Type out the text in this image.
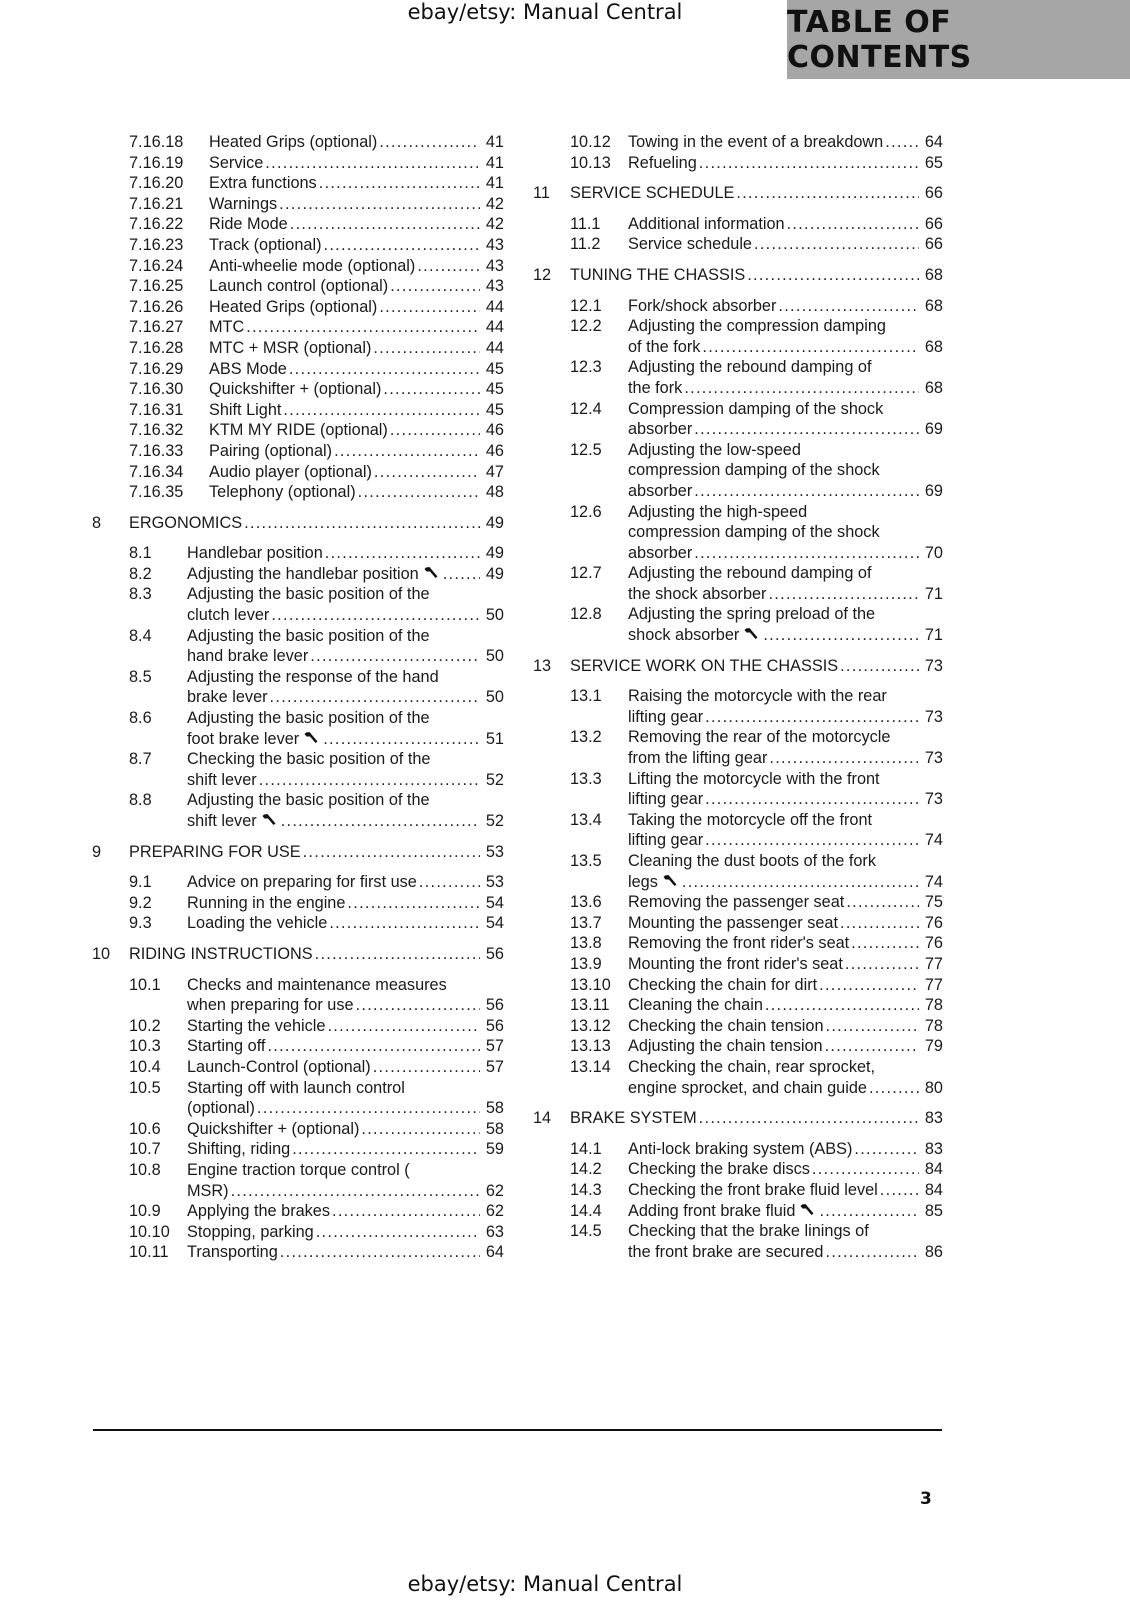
ebay/etsy: Manual Central	TABLE OF CONTENTS
7.16.18	Heated Grips (optional) .....	41
7.16.19	Service .....	41
7.16.20	Extra functions .....	41
7.16.21	Warnings .....	42
7.16.22	Ride Mode .....	42
7.16.23	Track (optional) .....	43
7.16.24	Anti-wheelie mode (optional) .....	43
7.16.25	Launch control (optional) .....	43
7.16.26	Heated Grips (optional) .....	44
7.16.27	MTC .....	44
7.16.28	MTC + MSR (optional) .....	44
7.16.29	ABS Mode .....	45
7.16.30	Quickshifter + (optional) .....	45
7.16.31	Shift Light .....	45
7.16.32	KTM MY RIDE (optional) .....	46
7.16.33	Pairing (optional) .....	46
7.16.34	Audio player (optional) .....	47
7.16.35	Telephony (optional) .....	48
8	ERGONOMICS .....	49
8.1	Handlebar position .....	49
8.2	Adjusting the handlebar position .....	49
8.3	Adjusting the basic position of the
clutch lever .....	50
8.4	Adjusting the basic position of the
hand brake lever .....	50
8.5	Adjusting the response of the hand
brake lever .....	50
8.6	Adjusting the basic position of the
foot brake lever .....	51
8.7	Checking the basic position of the
shift lever .....	52
8.8	Adjusting the basic position of the
shift lever .....	52
9	PREPARING FOR USE .....	53
9.1	Advice on preparing for first use .....	53
9.2	Running in the engine .....	54
9.3	Loading the vehicle .....	54
10	RIDING INSTRUCTIONS .....	56
10.1	Checks and maintenance measures
when preparing for use .....	56
10.2	Starting the vehicle .....	56
10.3	Starting off .....	57
10.4	Launch-Control (optional) .....	57
10.5	Starting off with launch control
(optional) .....	58
10.6	Quickshifter + (optional) .....	58
10.7	Shifting, riding .....	59
10.8	Engine traction torque control (
MSR) .....	62
10.9	Applying the brakes .....	62
10.10	Stopping, parking .....	63
10.11	Transporting .....	64
10.12	Towing in the event of a breakdown .....	64
10.13	Refueling .....	65
11	SERVICE SCHEDULE .....	66
11.1	Additional information .....	66
11.2	Service schedule .....	66
12	TUNING THE CHASSIS .....	68
12.1	Fork/shock absorber .....	68
12.2	Adjusting the compression damping
of the fork .....	68
12.3	Adjusting the rebound damping of
the fork .....	68
12.4	Compression damping of the shock
absorber .....	69
12.5	Adjusting the low-speed
compression damping of the shock
absorber .....	69
12.6	Adjusting the high-speed
compression damping of the shock
absorber .....	70
12.7	Adjusting the rebound damping of
the shock absorber .....	71
12.8	Adjusting the spring preload of the
shock absorber .....	71
13	SERVICE WORK ON THE CHASSIS .....	73
13.1	Raising the motorcycle with the rear
lifting gear .....	73
13.2	Removing the rear of the motorcycle
from the lifting gear .....	73
13.3	Lifting the motorcycle with the front
lifting gear .....	73
13.4	Taking the motorcycle off the front
lifting gear .....	74
13.5	Cleaning the dust boots of the fork
legs .....	74
13.6	Removing the passenger seat .....	75
13.7	Mounting the passenger seat .....	76
13.8	Removing the front rider's seat .....	76
13.9	Mounting the front rider's seat .....	77
13.10	Checking the chain for dirt .....	77
13.11	Cleaning the chain .....	78
13.12	Checking the chain tension .....	78
13.13	Adjusting the chain tension .....	79
13.14	Checking the chain, rear sprocket,
engine sprocket, and chain guide .....	80
14	BRAKE SYSTEM .....	83
14.1	Anti-lock braking system (ABS) .....	83
14.2	Checking the brake discs .....	84
14.3	Checking the front brake fluid level .....	84
14.4	Adding front brake fluid .....	85
14.5	Checking that the brake linings of
the front brake are secured .....	86
3
ebay/etsy: Manual Central
